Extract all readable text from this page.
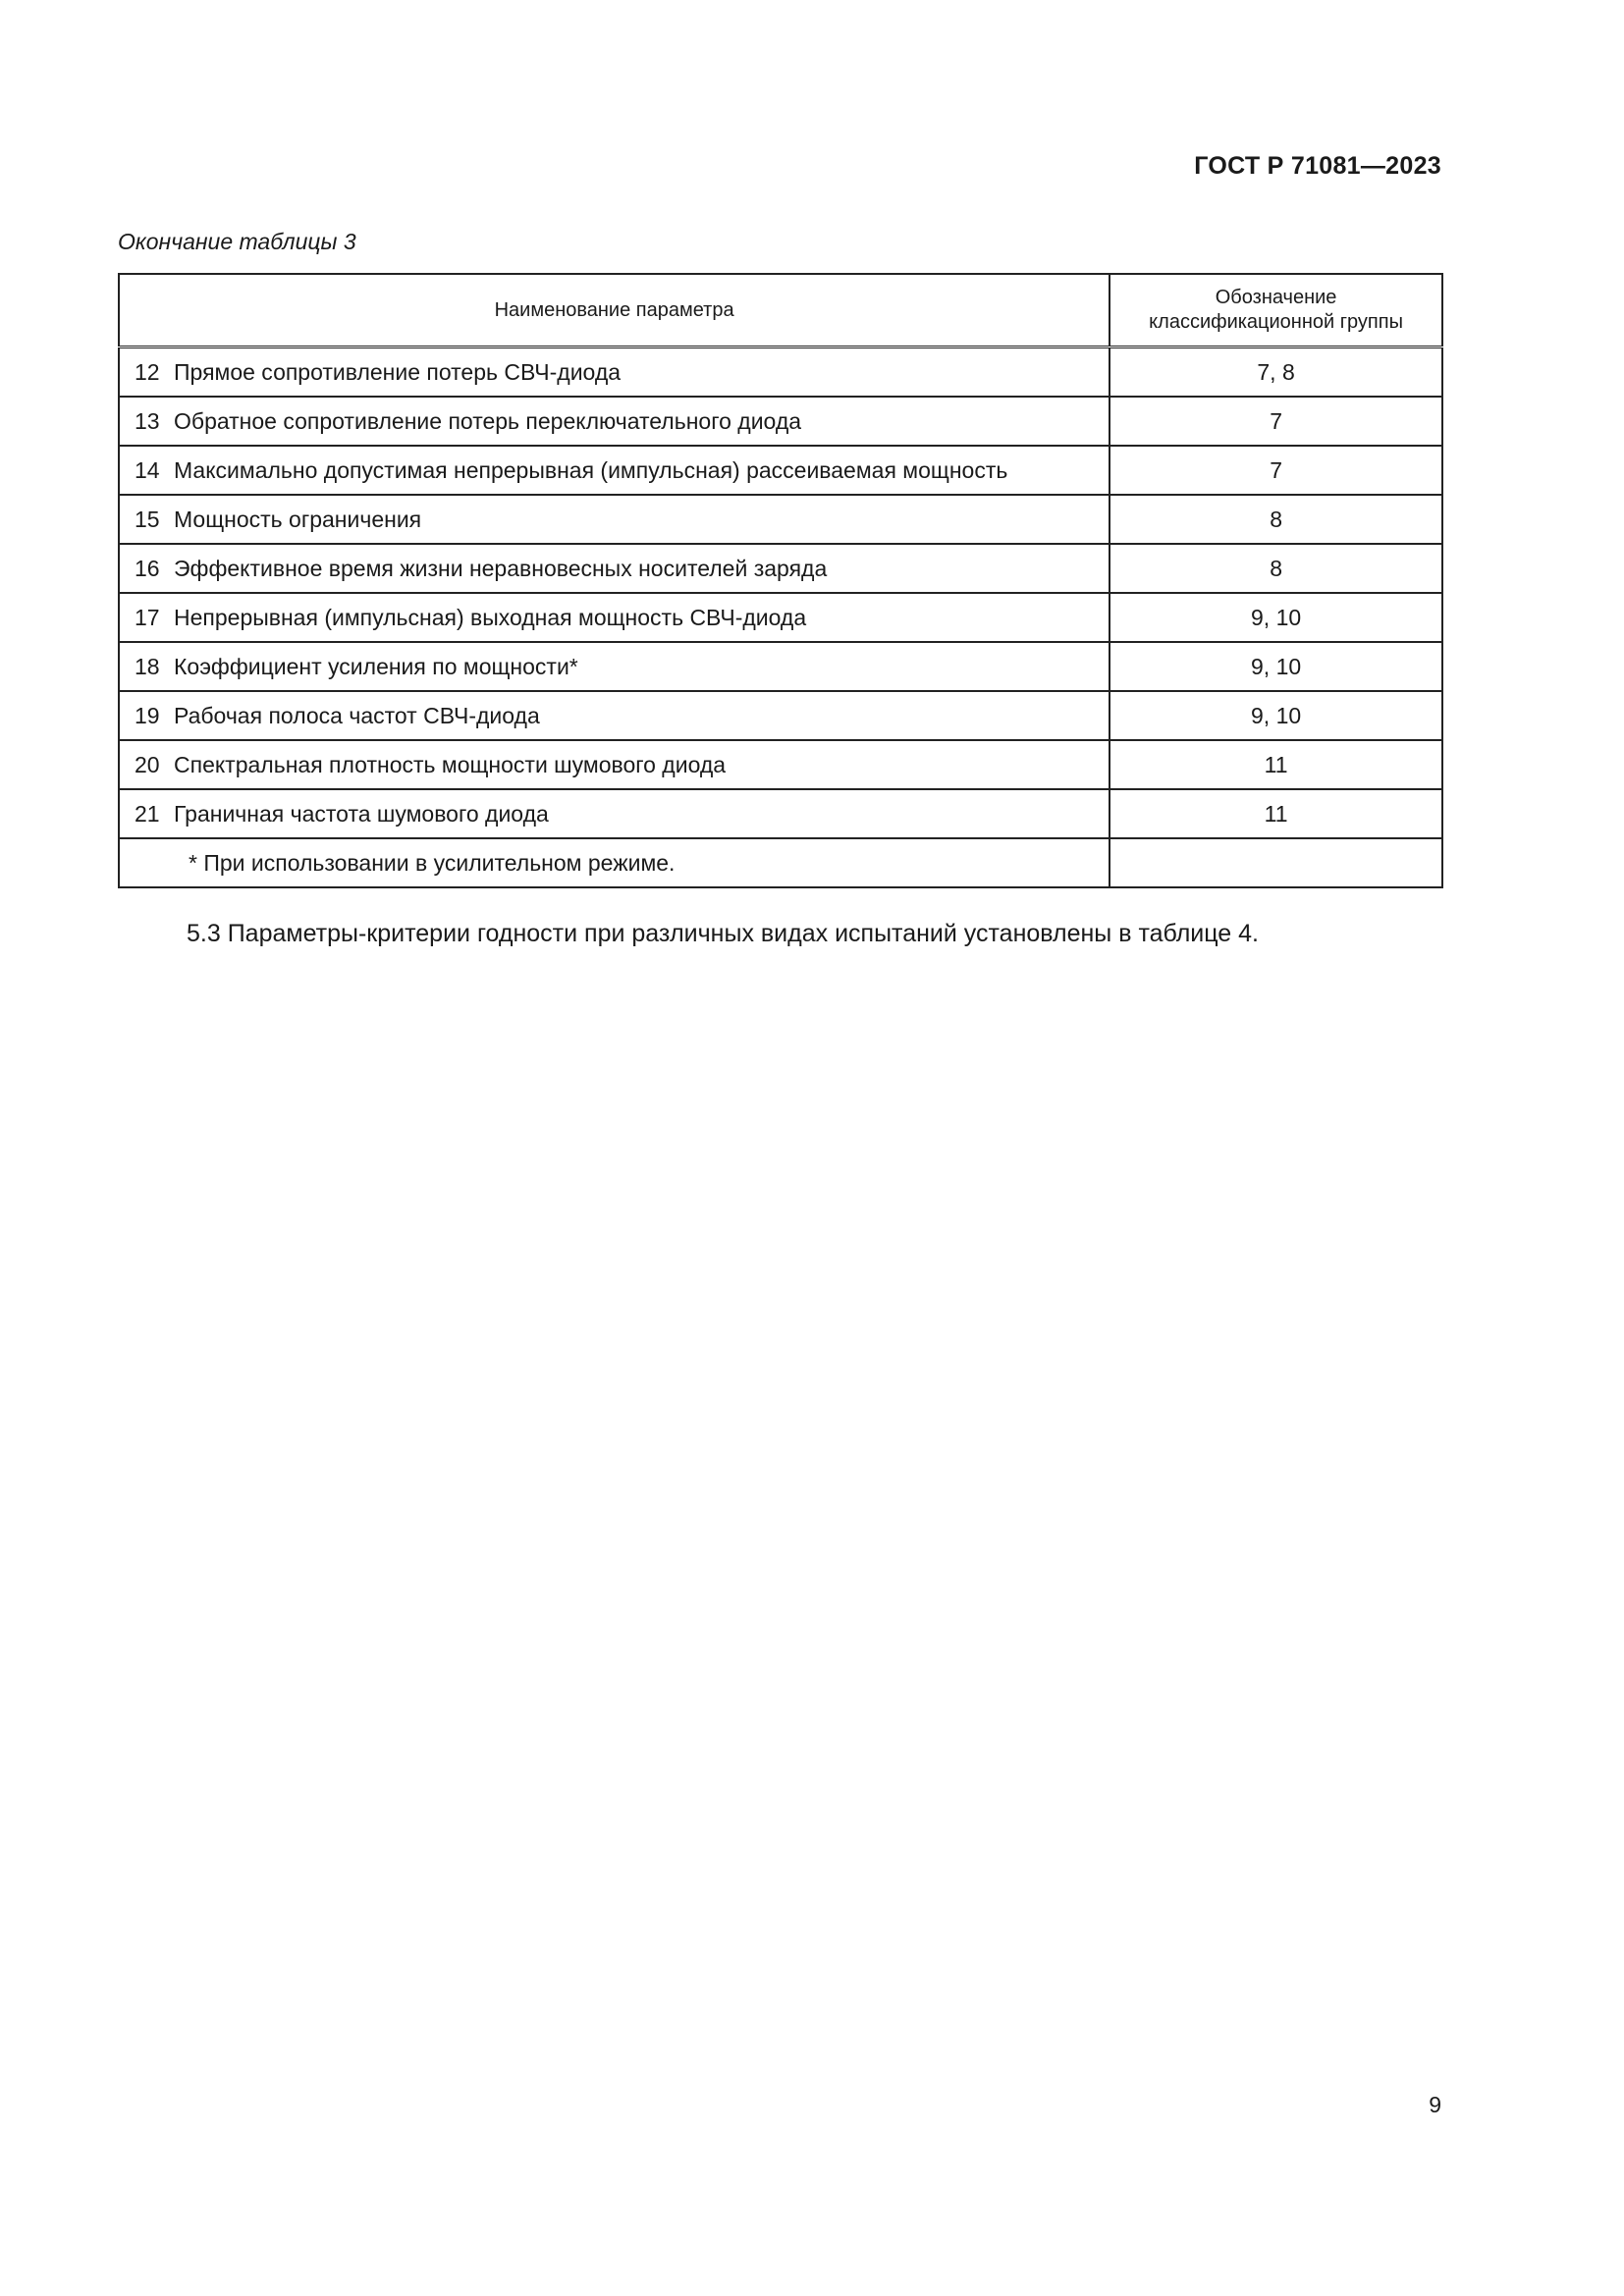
ГОСТ Р 71081—2023
Окончание таблицы 3
Наименование параметра	Обозначение
классификационной группы

12 Прямое сопротивление потерь СВЧ-диода	7, 8
13 Обратное сопротивление потерь переключательного диода	7
14 Максимально допустимая непрерывная (импульсная) рассеиваемая мощность	7
15 Мощность ограничения	8
16 Эффективное время жизни неравновесных носителей заряда	8
17 Непрерывная (импульсная) выходная мощность СВЧ-диода	9, 10
18 Коэффициент усиления по мощности*	9, 10
19 Рабочая полоса частот СВЧ-диода	9, 10
20 Спектральная плотность мощности шумового диода	11
21 Граничная частота шумового диода	11
* При использовании в усилительном режиме.	
5.3 Параметры-критерии годности при различных видах испытаний установлены в таблице 4.
9
